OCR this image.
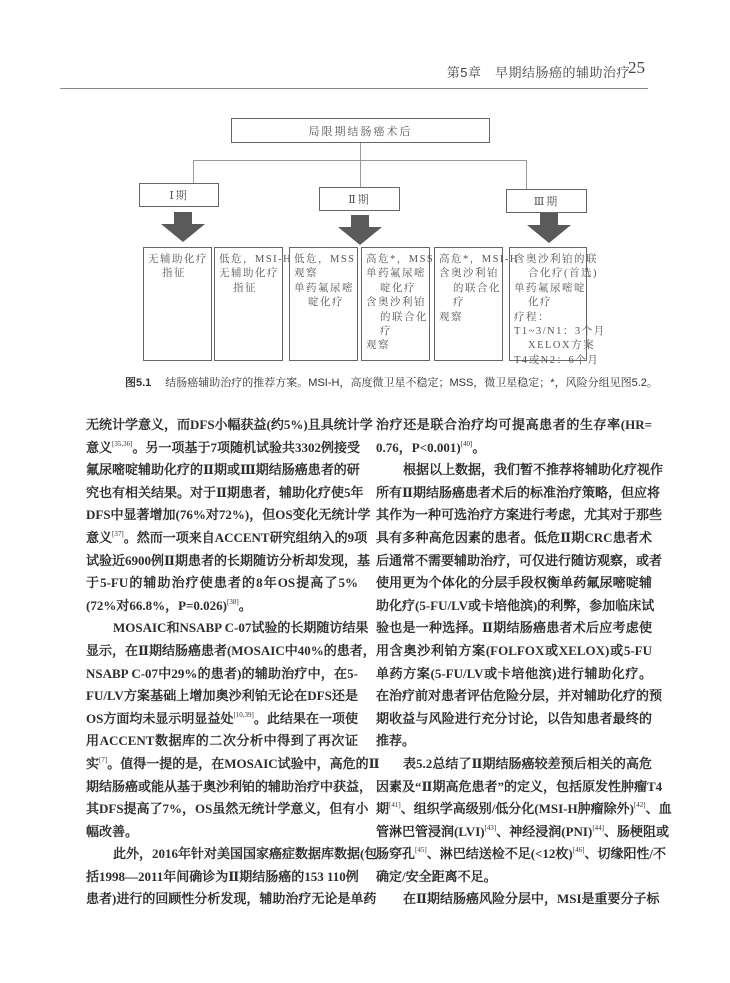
第5章　早期结肠癌的辅助治疗
25
局限期结肠癌术后
Ⅰ期	Ⅱ期	Ⅲ期
无辅助化疗
指征
低危，MSI-H
无辅助化疗
指征
低危，MSS
观察
单药氟尿嘧
啶化疗
高危*，MSS
单药氟尿嘧
啶化疗
含奥沙利铂
的联合化
疗
观察
高危*，MSI-H
含奥沙利铂
的联合化
疗
观察
含奥沙利铂的联
合化疗(首选)
单药氟尿嘧啶
化疗
疗程：
T1~3/N1：3个月
XELOX方案
T4或N2：6个月
图5.1 结肠癌辅助治疗的推荐方案。MSI-H，高度微卫星不稳定；MSS，微卫星稳定；*，风险分组见图5.2。
无统计学意义，而DFS小幅获益(约5%)且具统计学
意义[35,36]。另一项基于7项随机试验共3302例接受
氟尿嘧啶辅助化疗的Ⅱ期或Ⅲ期结肠癌患者的研
究也有相关结果。对于Ⅱ期患者，辅助化疗使5年
DFS中显著增加(76%对72%)，但OS变化无统计学
意义[37]。然而一项来自ACCENT研究组纳入的9项
试验近6900例Ⅱ期患者的长期随访分析却发现，基
于5-FU的辅助治疗使患者的8年OS提高了5%
(72%对66.8%，P=0.026)[38]。
MOSAIC和NSABP C-07试验的长期随访结果
显示，在Ⅱ期结肠癌患者(MOSAIC中40%的患者，
NSABP C-07中29%的患者)的辅助治疗中，在5-
FU/LV方案基础上增加奥沙利铂无论在DFS还是
OS方面均未显示明显益处[10,39]。此结果在一项使
用ACCENT数据库的二次分析中得到了再次证
实[7]。值得一提的是，在MOSAIC试验中，高危的Ⅱ
期结肠癌或能从基于奥沙利铂的辅助治疗中获益，
其DFS提高了7%，OS虽然无统计学意义，但有小
幅改善。
此外，2016年针对美国国家癌症数据库数据(包
括1998—2011年间确诊为Ⅱ期结肠癌的153 110例
患者)进行的回顾性分析发现，辅助治疗无论是单药
治疗还是联合治疗均可提高患者的生存率(HR=
0.76，P<0.001)[40]。
根据以上数据，我们暂不推荐将辅助化疗视作
所有Ⅱ期结肠癌患者术后的标准治疗策略，但应将
其作为一种可选治疗方案进行考虑，尤其对于那些
具有多种高危因素的患者。低危Ⅱ期CRC患者术
后通常不需要辅助治疗，可仅进行随访观察，或者
使用更为个体化的分层手段权衡单药氟尿嘧啶辅
助化疗(5-FU/LV或卡培他滨)的利弊，参加临床试
验也是一种选择。Ⅱ期结肠癌患者术后应考虑使
用含奥沙利铂方案(FOLFOX或XELOX)或5-FU
单药方案(5-FU/LV或卡培他滨)进行辅助化疗。
在治疗前对患者评估危险分层，并对辅助化疗的预
期收益与风险进行充分讨论，以告知患者最终的
推荐。
表5.2总结了Ⅱ期结肠癌较差预后相关的高危
因素及“Ⅱ期高危患者”的定义，包括原发性肿瘤T4
期[41]、组织学高级别/低分化(MSI-H肿瘤除外)[42]、血
管淋巴管浸润(LVI)[43]、神经浸润(PNI)[44]、肠梗阻或
肠穿孔[45]、淋巴结送检不足(<12枚)[46]、切缘阳性/不
确定/安全距离不足。
在Ⅱ期结肠癌风险分层中，MSI是重要分子标
